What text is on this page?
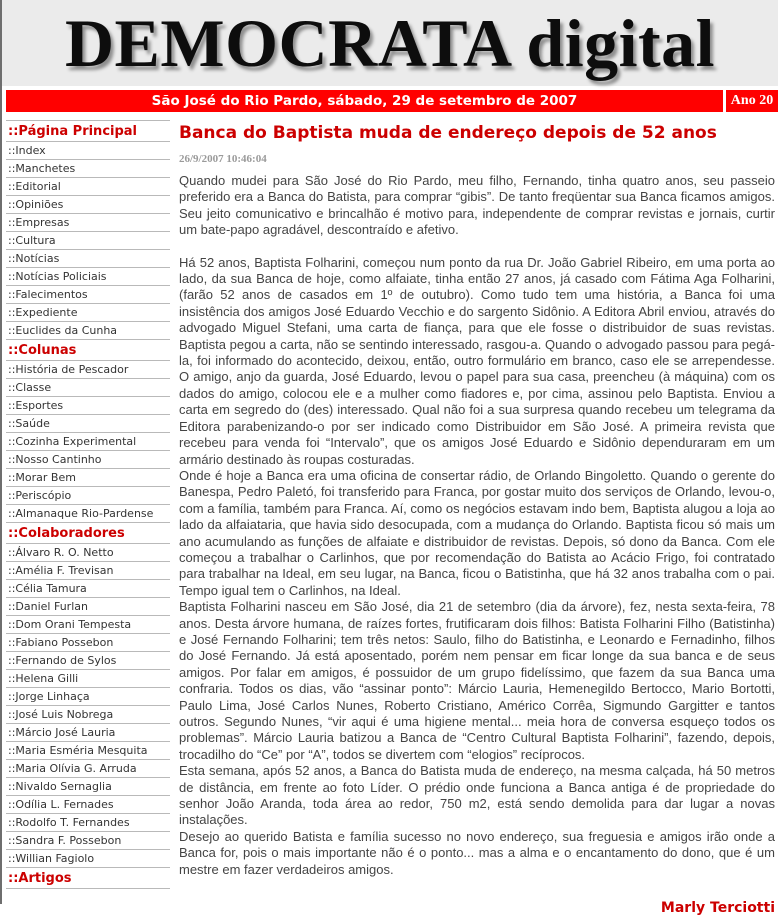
DEMOCRATA digital
São José do Rio Pardo, sábado, 29 de setembro de 2007	Ano 20
::Página Principal
::Index
::Manchetes
::Editorial
::Opiniões
::Empresas
::Cultura
::Notícias
::Notícias Policiais
::Falecimentos
::Expediente
::Euclides da Cunha
::Colunas
::História de Pescador
::Classe
::Esportes
::Saúde
::Cozinha Experimental
::Nosso Cantinho
::Morar Bem
::Periscópio
::Almanaque Rio-Pardense
::Colaboradores
::Álvaro R. O. Netto
::Amélia F. Trevisan
::Célia Tamura
::Daniel Furlan
::Dom Orani Tempesta
::Fabiano Possebon
::Fernando de Sylos
::Helena Gilli
::Jorge Linhaça
::José Luis Nobrega
::Márcio José Lauria
::Maria Esméria Mesquita
::Maria Olívia G. Arruda
::Nivaldo Sernaglia
::Odília L. Fernades
::Rodolfo T. Fernandes
::Sandra F. Possebon
::Willian Fagiolo
::Artigos
Banca do Baptista muda de endereço depois de 52 anos
26/9/2007 10:46:04

Quando mudei para São José do Rio Pardo, meu filho, Fernando, tinha quatro anos, seu passeio preferido era a Banca do Batista, para comprar “gibis”. De tanto freqüentar sua Banca ficamos amigos. Seu jeito comunicativo e brincalhão é motivo para, independente de comprar revistas e jornais, curtir um bate-papo agradável, descontraído e afetivo.

Há 52 anos, Baptista Folharini, começou num ponto da rua Dr. João Gabriel Ribeiro, em uma porta ao lado, da sua Banca de hoje, como alfaiate, tinha então 27 anos, já casado com Fátima Aga Folharini, (farão 52 anos de casados em 1º de outubro). Como tudo tem uma história, a Banca foi uma insistência dos amigos José Eduardo Vecchio e do sargento Sidônio. A Editora Abril enviou, através do advogado Miguel Stefani, uma carta de fiança, para que ele fosse o distribuidor de suas revistas. Baptista pegou a carta, não se sentindo interessado, rasgou-a. Quando o advogado passou para pegá-la, foi informado do acontecido, deixou, então, outro formulário em branco, caso ele se arrependesse. O amigo, anjo da guarda, José Eduardo, levou o papel para sua casa, preencheu (à máquina) com os dados do amigo, colocou ele e a mulher como fiadores e, por cima, assinou pelo Baptista. Enviou a carta em segredo do (des) interessado. Qual não foi a sua surpresa quando recebeu um telegrama da Editora parabenizando-o por ser indicado como Distribuidor em São José. A primeira revista que recebeu para venda foi “Intervalo”, que os amigos José Eduardo e Sidônio dependuraram em um armário destinado às roupas costuradas.

Onde é hoje a Banca era uma oficina de consertar rádio, de Orlando Bingoletto. Quando o gerente do Banespa, Pedro Paletó, foi transferido para Franca, por gostar muito dos serviços de Orlando, levou-o, com a família, também para Franca. Aí, como os negócios estavam indo bem, Baptista alugou a loja ao lado da alfaiataria, que havia sido desocupada, com a mudança do Orlando. Baptista ficou só mais um ano acumulando as funções de alfaiate e distribuidor de revistas. Depois, só dono da Banca. Com ele começou a trabalhar o Carlinhos, que por recomendação do Batista ao Acácio Frigo, foi contratado para trabalhar na Ideal, em seu lugar, na Banca, ficou o Batistinha, que há 32 anos trabalha com o pai. Tempo igual tem o Carlinhos, na Ideal.

Baptista Folharini nasceu em São José, dia 21 de setembro (dia da árvore), fez, nesta sexta-feira, 78 anos. Desta árvore humana, de raízes fortes, frutificaram dois filhos: Batista Folharini Filho (Batistinha) e José Fernando Folharini; tem três netos: Saulo, filho do Batistinha, e Leonardo e Fernadinho, filhos do José Fernando. Já está aposentado, porém nem pensar em ficar longe da sua banca e de seus amigos. Por falar em amigos, é possuidor de um grupo fidelíssimo, que fazem da sua Banca uma confraria. Todos os dias, vão “assinar ponto”: Márcio Lauria, Hemenegildo Bertocco, Mario Bortotti, Paulo Lima, José Carlos Nunes, Roberto Cristiano, Américo Corrêa, Sigmundo Gargitter e tantos outros. Segundo Nunes, “vir aqui é uma higiene mental... meia hora de conversa esqueço todos os problemas”. Márcio Lauria batizou a Banca de “Centro Cultural Baptista Folharini”, fazendo, depois, trocadilho do “Ce” por “A”, todos se divertem com “elogios” recíprocos.

Esta semana, após 52 anos, a Banca do Batista muda de endereço, na mesma calçada, há 50 metros de distância, em frente ao foto Líder. O prédio onde funciona a Banca antiga é de propriedade do senhor João Aranda, toda área ao redor, 750 m2, está sendo demolida para dar lugar a novas instalações.

Desejo ao querido Batista e família sucesso no novo endereço, sua freguesia e amigos irão onde a Banca for, pois o mais importante não é o ponto... mas a alma e o encantamento do dono, que é um mestre em fazer verdadeiros amigos.

Marly Terciotti
